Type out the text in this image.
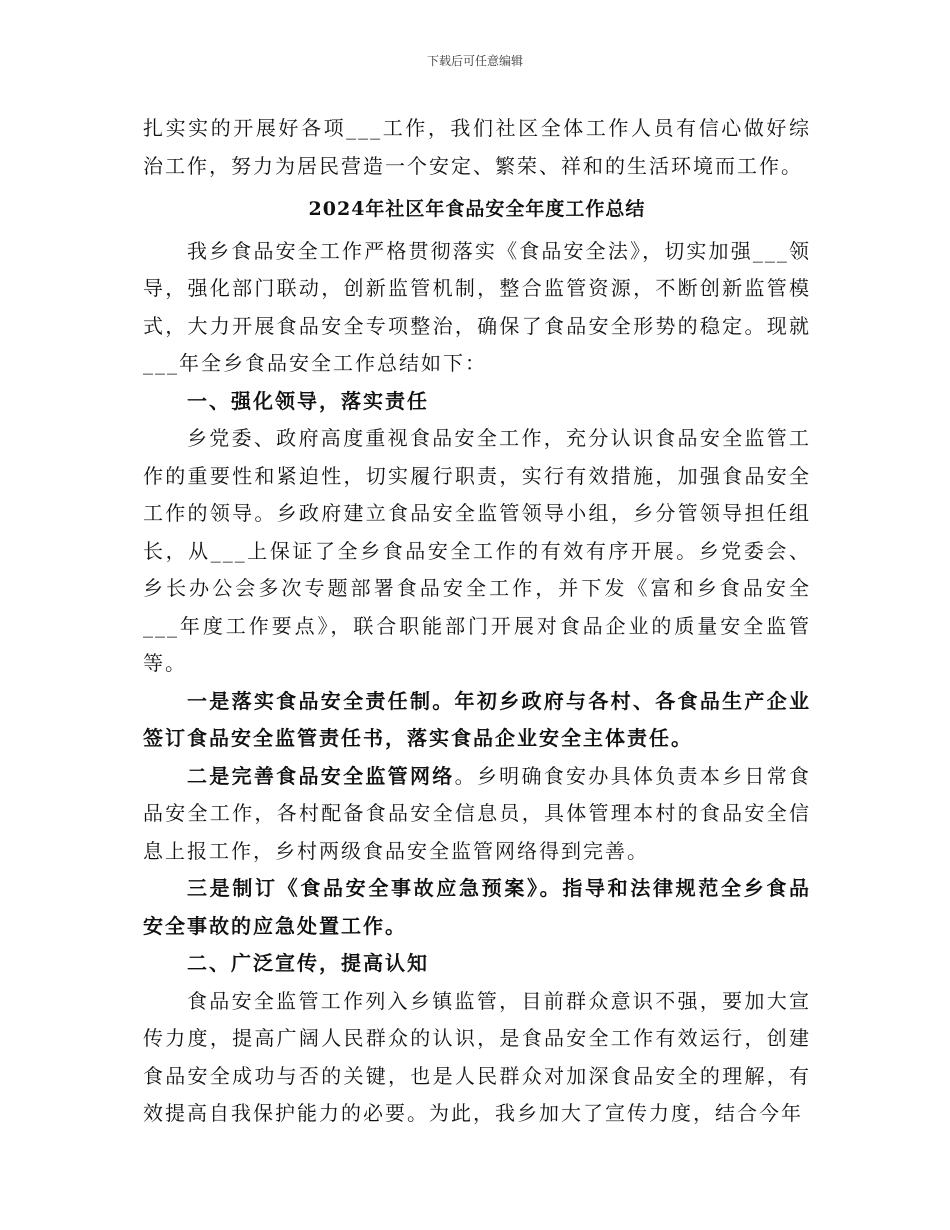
下载后可任意编辑

扎实实的开展好各项___工作，我们社区全体工作人员有信心做好综治工作，努力为居民营造一个安定、繁荣、祥和的生活环境而工作。

2024年社区年食品安全年度工作总结

我乡食品安全工作严格贯彻落实《食品安全法》，切实加强___领导，强化部门联动，创新监管机制，整合监管资源，不断创新监管模式，大力开展食品安全专项整治，确保了食品安全形势的稳定。现就___年全乡食品安全工作总结如下：

一、强化领导，落实责任

乡党委、政府高度重视食品安全工作，充分认识食品安全监管工作的重要性和紧迫性，切实履行职责，实行有效措施，加强食品安全工作的领导。乡政府建立食品安全监管领导小组，乡分管领导担任组长，从___上保证了全乡食品安全工作的有效有序开展。乡党委会、乡长办公会多次专题部署食品安全工作，并下发《富和乡食品安全___年度工作要点》，联合职能部门开展对食品企业的质量安全监管等。

一是落实食品安全责任制。年初乡政府与各村、各食品生产企业签订食品安全监管责任书，落实食品企业安全主体责任。

二是完善食品安全监管网络。乡明确食安办具体负责本乡日常食品安全工作，各村配备食品安全信息员，具体管理本村的食品安全信息上报工作，乡村两级食品安全监管网络得到完善。

三是制订《食品安全事故应急预案》。指导和法律规范全乡食品安全事故的应急处置工作。

二、广泛宣传，提高认知

食品安全监管工作列入乡镇监管，目前群众意识不强，要加大宣传力度，提高广阔人民群众的认识，是食品安全工作有效运行，创建食品安全成功与否的关键，也是人民群众对加深食品安全的理解，有效提高自我保护能力的必要。为此，我乡加大了宣传力度，结合今年
